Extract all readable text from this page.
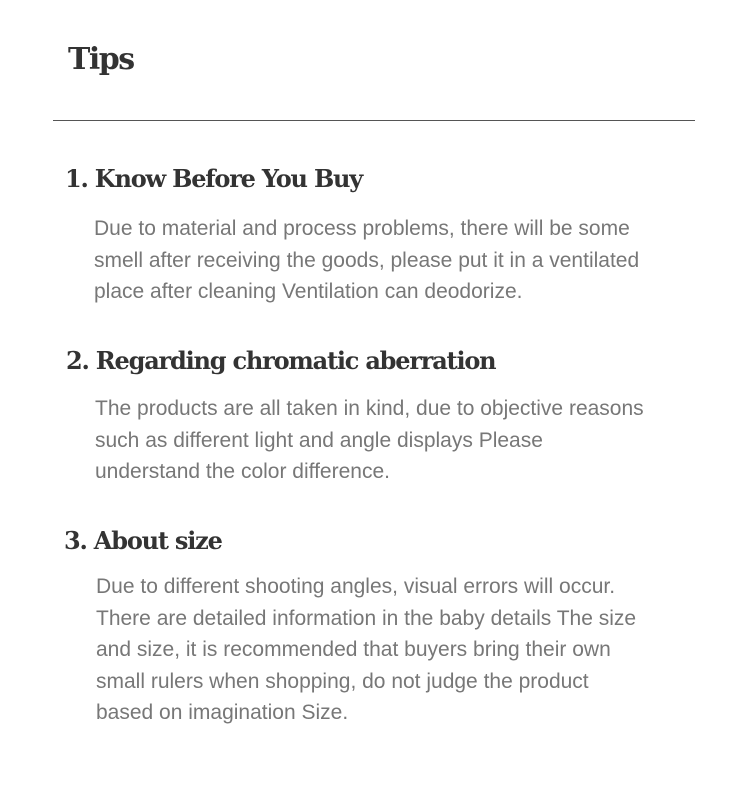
Tips
1. Know Before You Buy

Due to material and process problems, there will be some
smell after receiving the goods, please put it in a ventilated
place after cleaning Ventilation can deodorize.

2. Regarding chromatic aberration

The products are all taken in kind, due to objective reasons
such as different light and angle displays Please
understand the color difference.

3. About size

Due to different shooting angles, visual errors will occur.
There are detailed information in the baby details The size
and size, it is recommended that buyers bring their own
small rulers when shopping, do not judge the product
based on imagination Size.
